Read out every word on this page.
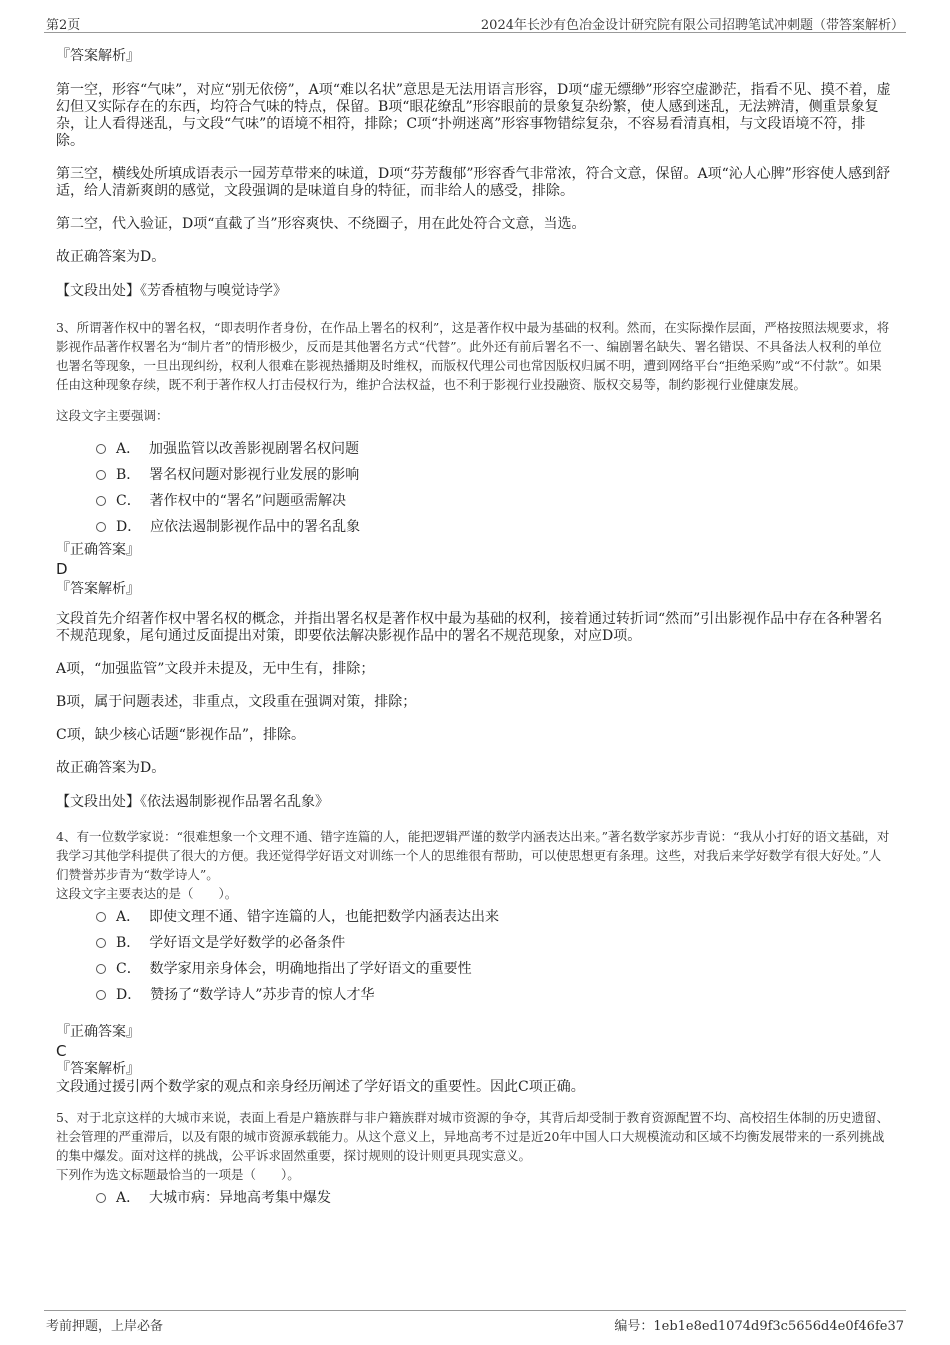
第2页	2024年长沙有色冶金设计研究院有限公司招聘笔试冲刺题（带答案解析）

『答案解析』

第一空，形容“气味”，对应“别无依傍”，A项“难以名状”意思是无法用语言形容，D项“虚无缥缈”形容空虚渺茫，指看不见、摸不着，虚幻但又实际存在的东西，均符合气味的特点，保留。B项“眼花缭乱”形容眼前的景象复杂纷繁，使人感到迷乱，无法辨清，侧重景象复杂，让人看得迷乱，与文段“气味”的语境不相符，排除；C项“扑朔迷离”形容事物错综复杂，不容易看清真相，与文段语境不符，排除。

第三空，横线处所填成语表示一园芳草带来的味道，D项“芬芳馥郁”形容香气非常浓，符合文意，保留。A项“沁人心脾”形容使人感到舒适，给人清新爽朗的感觉，文段强调的是味道自身的特征，而非给人的感受，排除。

第二空，代入验证，D项“直截了当”形容爽快、不绕圈子，用在此处符合文意，当选。

故正确答案为D。

【文段出处】《芳香植物与嗅觉诗学》

3、所谓著作权中的署名权，“即表明作者身份，在作品上署名的权利”，这是著作权中最为基础的权利。然而，在实际操作层面，严格按照法规要求，将影视作品著作权署名为“制片者”的情形极少，反而是其他署名方式“代替”。此外还有前后署名不一、编剧署名缺失、署名错误、不具备法人权利的单位也署名等现象，一旦出现纠纷，权利人很难在影视热播期及时维权，而版权代理公司也常因版权归属不明，遭到网络平台“拒绝采购”或“不付款”。如果任由这种现象存续，既不利于著作权人打击侵权行为，维护合法权益，也不利于影视行业投融资、版权交易等，制约影视行业健康发展。

这段文字主要强调：

A． 加强监管以改善影视剧署名权问题
B． 署名权问题对影视行业发展的影响
C． 著作权中的“署名”问题亟需解决
D． 应依法遏制影视作品中的署名乱象

『正确答案』

D

『答案解析』

文段首先介绍著作权中署名权的概念，并指出署名权是著作权中最为基础的权利，接着通过转折词“然而”引出影视作品中存在各种署名不规范现象，尾句通过反面提出对策，即要依法解决影视作品中的署名不规范现象，对应D项。

A项，“加强监管”文段并未提及，无中生有，排除；

B项，属于问题表述，非重点，文段重在强调对策，排除；

C项，缺少核心话题“影视作品”，排除。

故正确答案为D。

【文段出处】《依法遏制影视作品署名乱象》

4、有一位数学家说：“很难想象一个文理不通、错字连篇的人，能把逻辑严谨的数学内涵表达出来。”著名数学家苏步青说：“我从小打好的语文基础，对我学习其他学科提供了很大的方便。我还觉得学好语文对训练一个人的思维很有帮助，可以使思想更有条理。这些，对我后来学好数学有很大好处。”人们赞誉苏步青为“数学诗人”。

这段文字主要表达的是（　　）。

A． 即使文理不通、错字连篇的人，也能把数学内涵表达出来
B． 学好语文是学好数学的必备条件
C． 数学家用亲身体会，明确地指出了学好语文的重要性
D． 赞扬了“数学诗人”苏步青的惊人才华

『正确答案』

C

『答案解析』

文段通过援引两个数学家的观点和亲身经历阐述了学好语文的重要性。因此C项正确。

5、对于北京这样的大城市来说，表面上看是户籍族群与非户籍族群对城市资源的争夺，其背后却受制于教育资源配置不均、高校招生体制的历史遗留、社会管理的严重滞后，以及有限的城市资源承载能力。从这个意义上，异地高考不过是近20年中国人口大规模流动和区域不均衡发展带来的一系列挑战的集中爆发。面对这样的挑战，公平诉求固然重要，探讨规则的设计则更具现实意义。

下列作为选文标题最恰当的一项是（　　）。

A． 大城市病：异地高考集中爆发
考前押题，上岸必备	编号：1eb1e8ed1074d9f3c5656d4e0f46fe37
